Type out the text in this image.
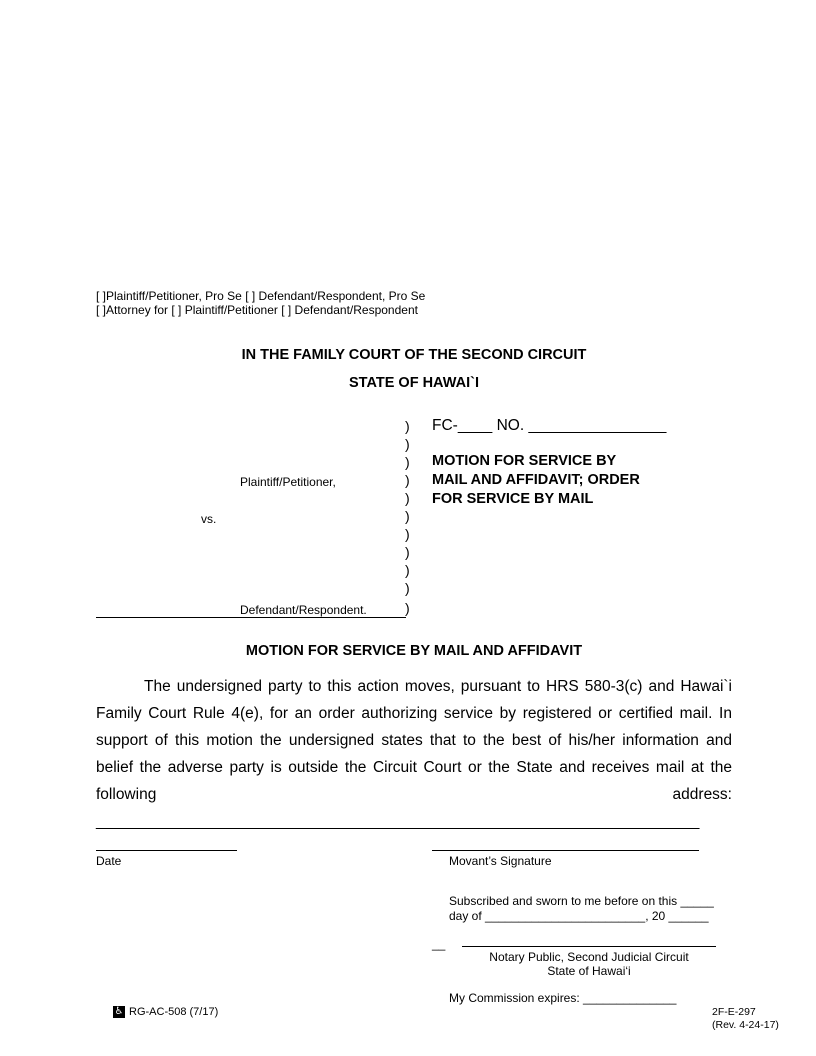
[ ]Plaintiff/Petitioner, Pro Se [ ] Defendant/Respondent, Pro Se
[ ]Attorney for [ ] Plaintiff/Petitioner [ ] Defendant/Respondent
IN THE FAMILY COURT OF THE SECOND CIRCUIT
STATE OF HAWAI`I
)
)
)
)
)
)
)
)
)
)
)
Plaintiff/Petitioner,
vs.
Defendant/Respondent.
FC-____ NO. ________________
MOTION FOR SERVICE BY
MAIL AND AFFIDAVIT; ORDER
FOR SERVICE BY MAIL
MOTION FOR SERVICE BY MAIL AND AFFIDAVIT
The undersigned party to this action moves, pursuant to HRS 580-3(c) and Hawai`i Family Court Rule 4(e), for an order authorizing service by registered or certified mail. In support of this motion the undersigned states that to the best of his/her information and belief the adverse party is outside the Circuit Court or the State and receives mail at the following address: ______________________________________________________________________
Date	Movant’s Signature
Subscribed and sworn to me before on this _____
day of ________________________, 20 ______
__
Notary Public, Second Judicial Circuit
State of Hawai‘i
My Commission expires: ______________
♿ RG-AC-508 (7/17)	2F-E-297
(Rev. 4-24-17)
